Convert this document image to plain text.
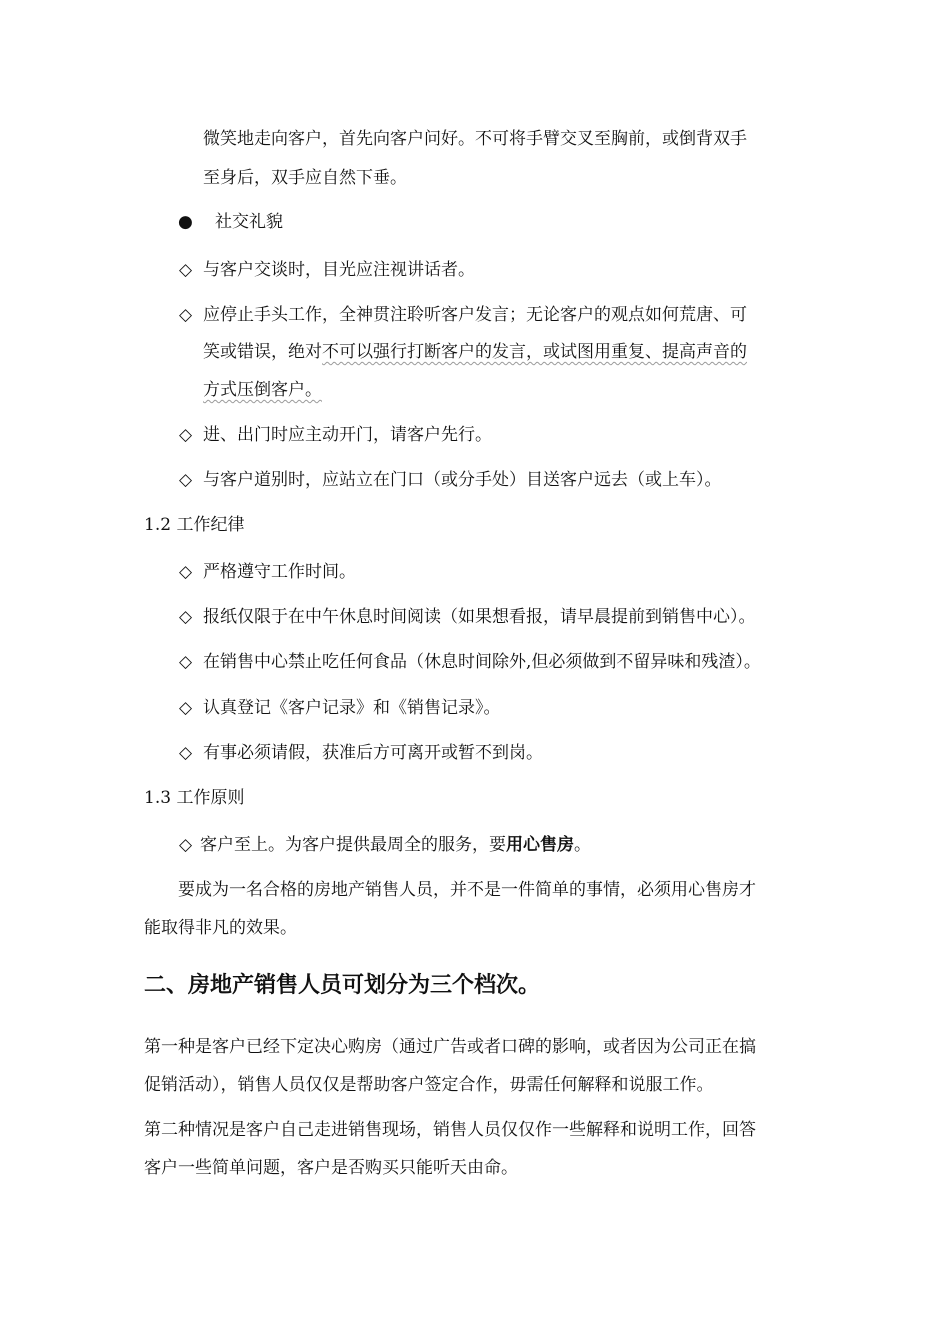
微笑地走向客户，首先向客户问好。不可将手臂交叉至胸前，或倒背双手

至身后，双手应自然下垂。

● 社交礼貌

◇ 与客户交谈时，目光应注视讲话者。

◇ 应停止手头工作，全神贯注聆听客户发言；无论客户的观点如何荒唐、可

笑或错误，绝对不可以强行打断客户的发言，或试图用重复、提高声音的

方式压倒客户。

◇ 进、出门时应主动开门，请客户先行。

◇ 与客户道别时，应站立在门口（或分手处）目送客户远去（或上车）。

1.2 工作纪律

◇ 严格遵守工作时间。

◇ 报纸仅限于在中午休息时间阅读（如果想看报，请早晨提前到销售中心）。

◇ 在销售中心禁止吃任何食品（休息时间除外,但必须做到不留异味和残渣）。

◇ 认真登记《客户记录》和《销售记录》。

◇ 有事必须请假，获准后方可离开或暂不到岗。

1.3 工作原则

◇ 客户至上。为客户提供最周全的服务，要用心售房。

要成为一名合格的房地产销售人员，并不是一件简单的事情，必须用心售房才

能取得非凡的效果。

二、房地产销售人员可划分为三个档次。

第一种是客户已经下定决心购房（通过广告或者口碑的影响，或者因为公司正在搞

促销活动），销售人员仅仅是帮助客户签定合作，毋需任何解释和说服工作。

第二种情况是客户自己走进销售现场，销售人员仅仅作一些解释和说明工作，回答

客户一些简单问题，客户是否购买只能听天由命。
